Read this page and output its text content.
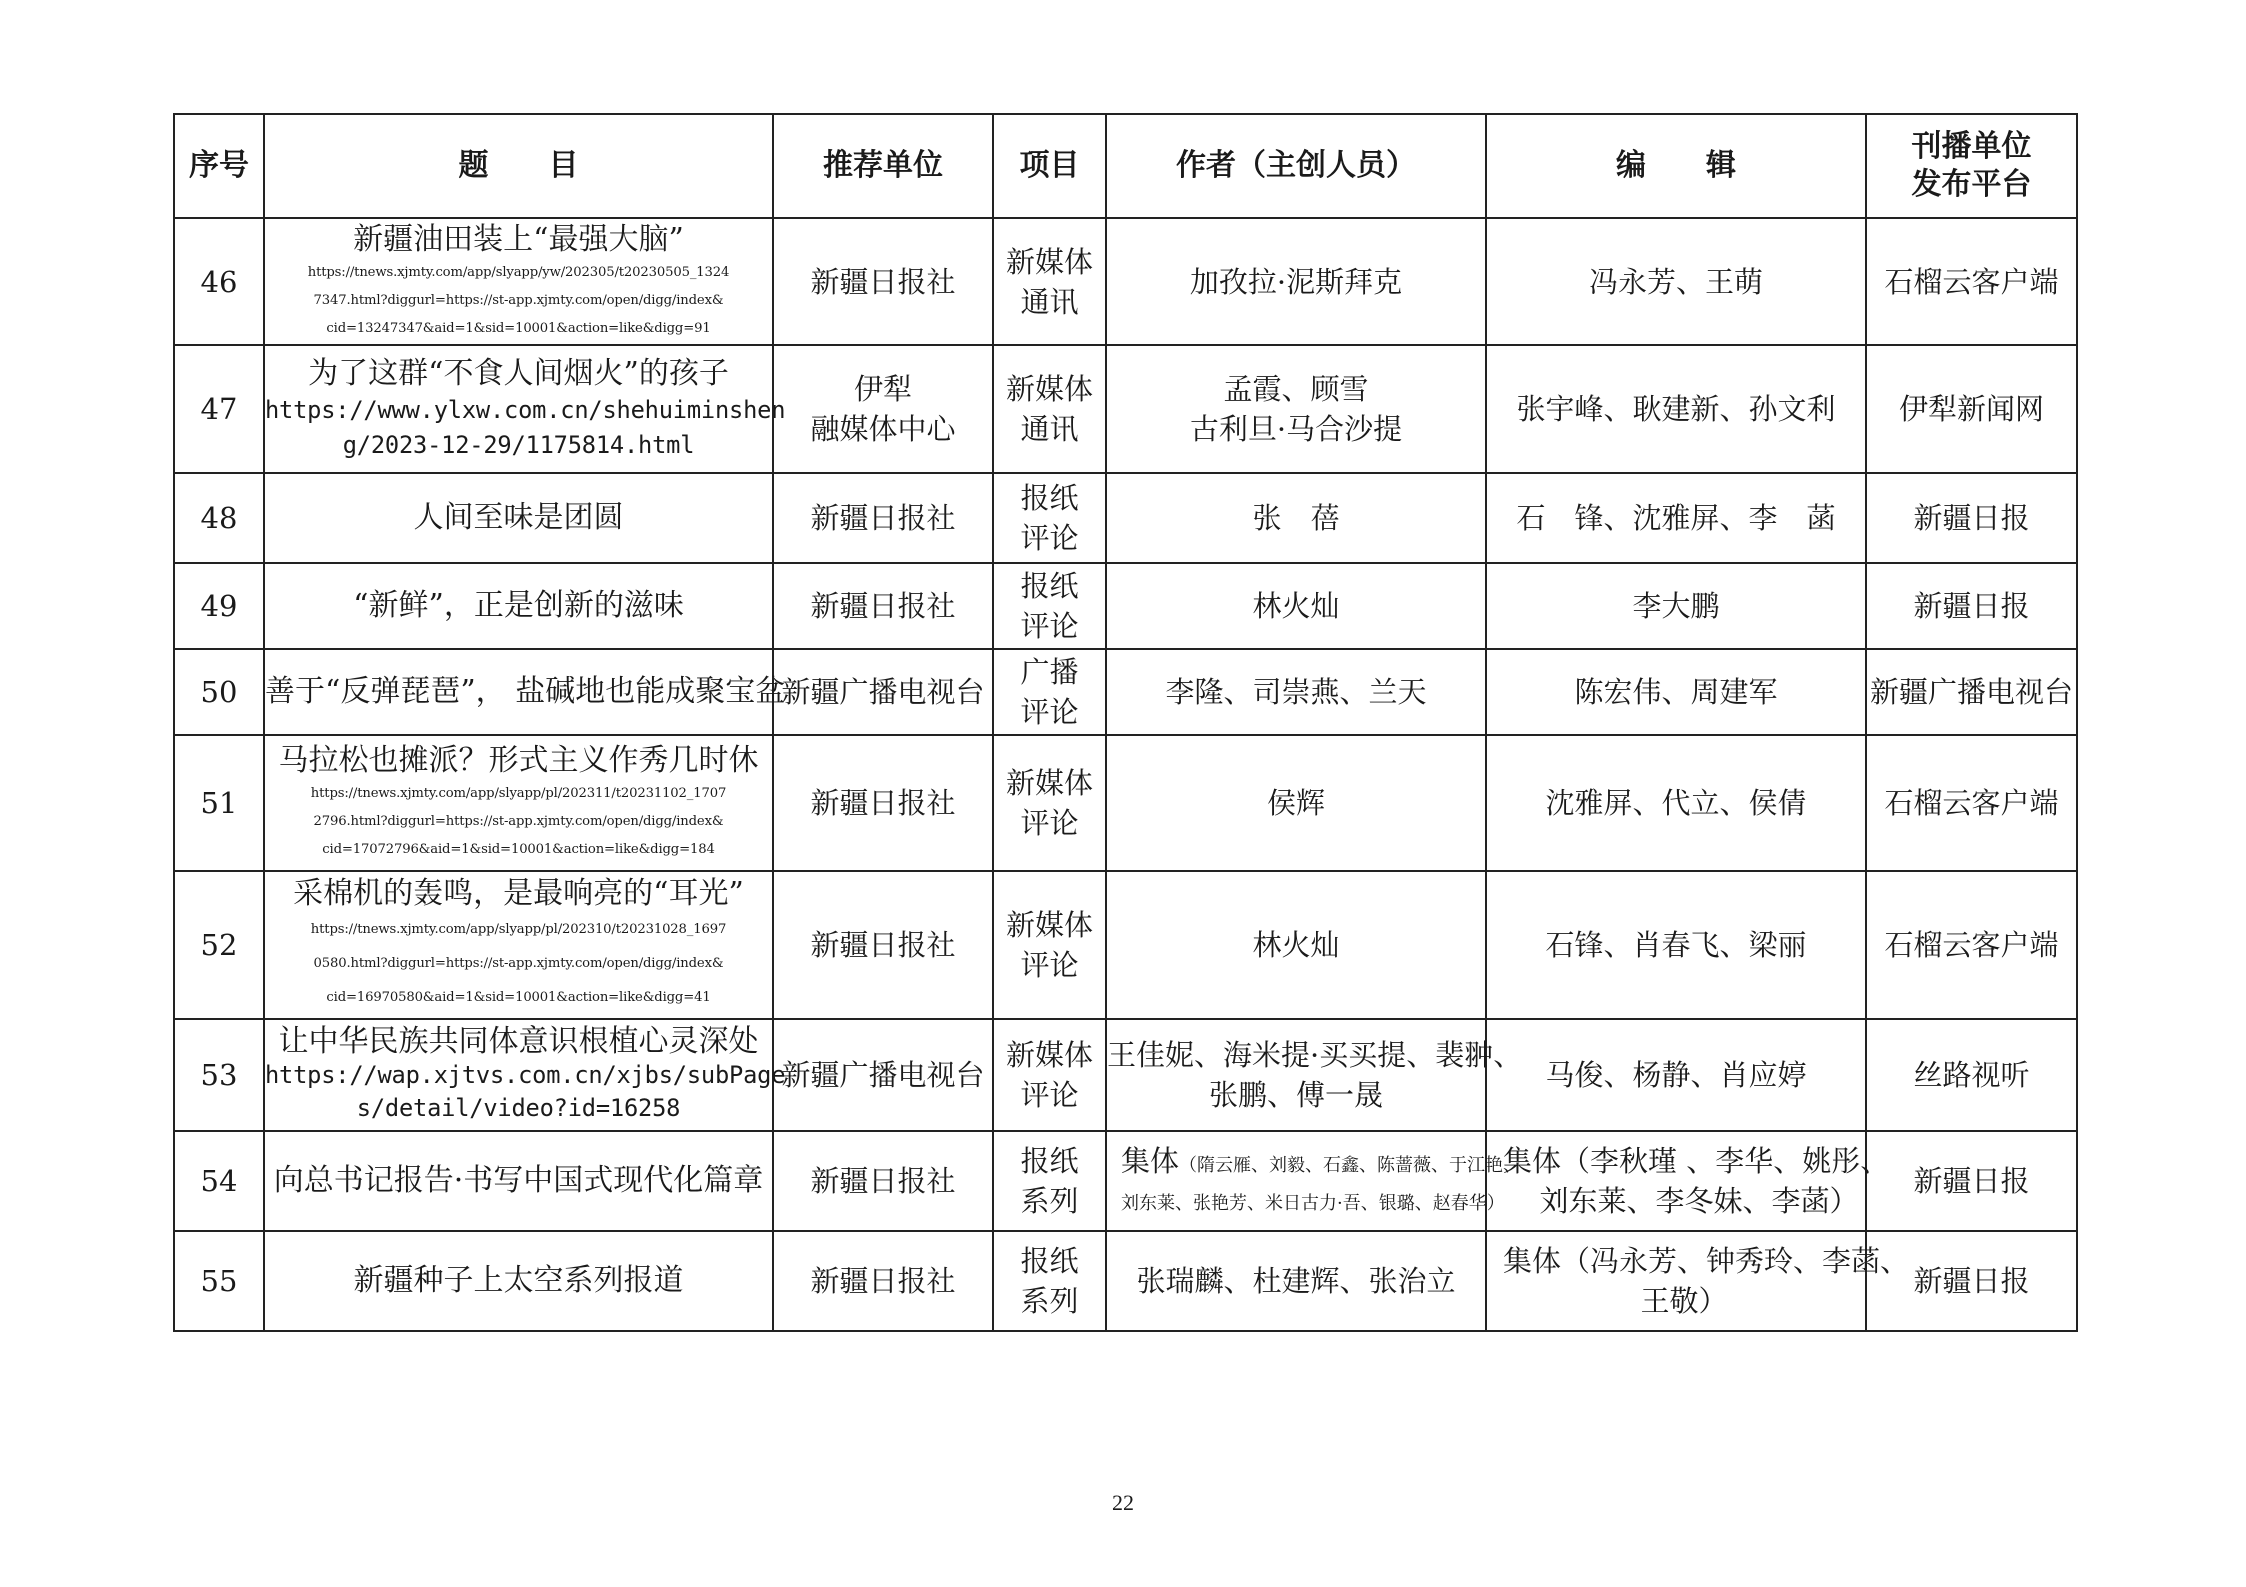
序号	题　　目	推荐单位	项目	作者（主创人员）	编　　辑	刊播单位
发布平台

46	新疆油田装上“最强大脑”
https://tnews.xjmty.com/app/slyapp/yw/202305/t20230505_1324
7347.html?diggurl=https://st-app.xjmty.com/open/digg/index&
cid=13247347&aid=1&sid=10001&action=like&digg=91	新疆日报社	新媒体
通讯	加孜拉·泥斯拜克	冯永芳、王萌	石榴云客户端
47	为了这群“不食人间烟火”的孩子
https://www.ylxw.com.cn/shehuiminshen
g/2023-12-29/1175814.html	伊犁
融媒体中心	新媒体
通讯	孟霞、顾雪
古利旦·马合沙提	张宇峰、耿建新、孙文利	伊犁新闻网
48	人间至味是团圆	新疆日报社	报纸
评论	张　蓓	石　锋、沈雅屏、李　菡	新疆日报
49	“新鲜”，正是创新的滋味	新疆日报社	报纸
评论	林火灿	李大鹏	新疆日报
50	善于“反弹琵琶”， 盐碱地也能成聚宝盆	新疆广播电视台	广播
评论	李隆、司崇燕、兰天	陈宏伟、周建军	新疆广播电视台
51	马拉松也摊派？形式主义作秀几时休
https://tnews.xjmty.com/app/slyapp/pl/202311/t20231102_1707
2796.html?diggurl=https://st-app.xjmty.com/open/digg/index&
cid=17072796&aid=1&sid=10001&action=like&digg=184	新疆日报社	新媒体
评论	侯辉	沈雅屏、代立、侯倩	石榴云客户端
52	采棉机的轰鸣，是最响亮的“耳光”
https://tnews.xjmty.com/app/slyapp/pl/202310/t20231028_1697
0580.html?diggurl=https://st-app.xjmty.com/open/digg/index&
cid=16970580&aid=1&sid=10001&action=like&digg=41	新疆日报社	新媒体
评论	林火灿	石锋、肖春飞、梁丽	石榴云客户端
53	让中华民族共同体意识根植心灵深处
https://wap.xjtvs.com.cn/xjbs/subPage
s/detail/video?id=16258	新疆广播电视台	新媒体
评论	王佳妮、海米提·买买提、裴翀、
张鹏、傅一晟	马俊、杨静、肖应婷	丝路视听
54	向总书记报告·书写中国式现代化篇章	新疆日报社	报纸
系列	集体（隋云雁、刘毅、石鑫、陈蔷薇、于江艳、
刘东莱、张艳芳、米日古力·吾、银璐、赵春华）	集体（李秋瑾 、李华、姚彤、
刘东莱、李冬妹、李菡）	新疆日报
55	新疆种子上太空系列报道	新疆日报社	报纸
系列	张瑞麟、杜建辉、张治立	集体（冯永芳、钟秀玲、李菡、
王敬）	新疆日报
22
